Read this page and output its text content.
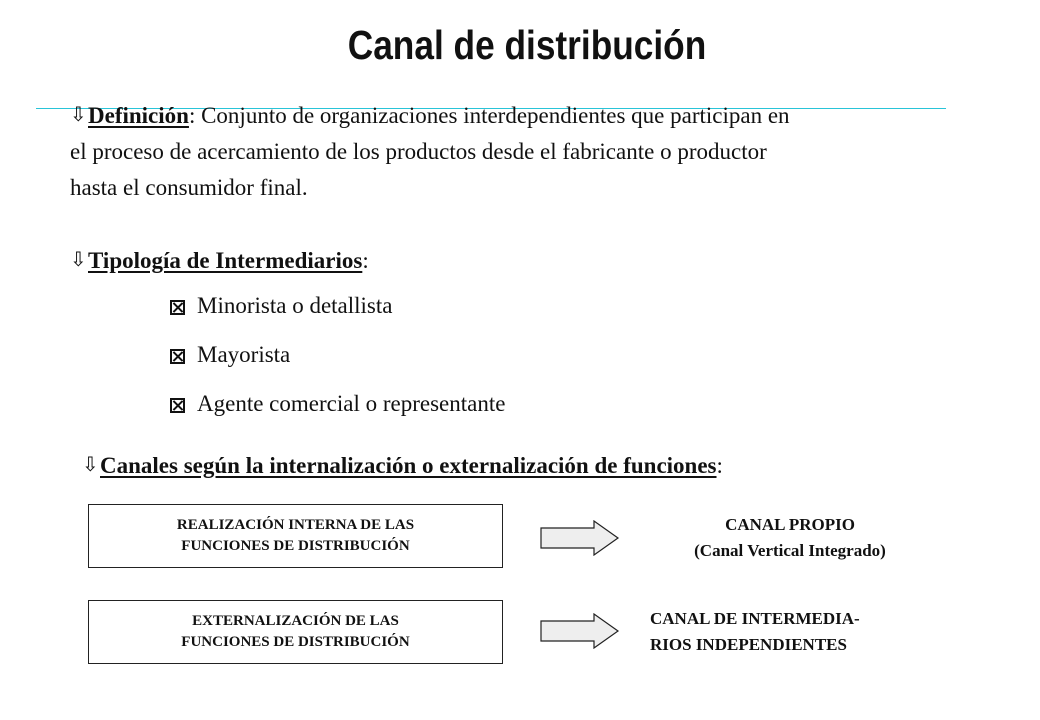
Canal de distribución
⇩Definición: Conjunto de organizaciones interdependientes que participan en
el proceso de acercamiento de los productos desde el fabricante o productor
hasta el consumidor final.
⇩Tipología de Intermediarios:
Minorista o detallista
Mayorista
Agente comercial o representante
⇩Canales según la internalización o externalización de funciones:
REALIZACIÓN INTERNA DE LAS
FUNCIONES DE DISTRIBUCIÓN
CANAL PROPIO
(Canal Vertical Integrado)
EXTERNALIZACIÓN DE LAS
FUNCIONES DE DISTRIBUCIÓN
CANAL DE INTERMEDIA-
RIOS INDEPENDIENTES
